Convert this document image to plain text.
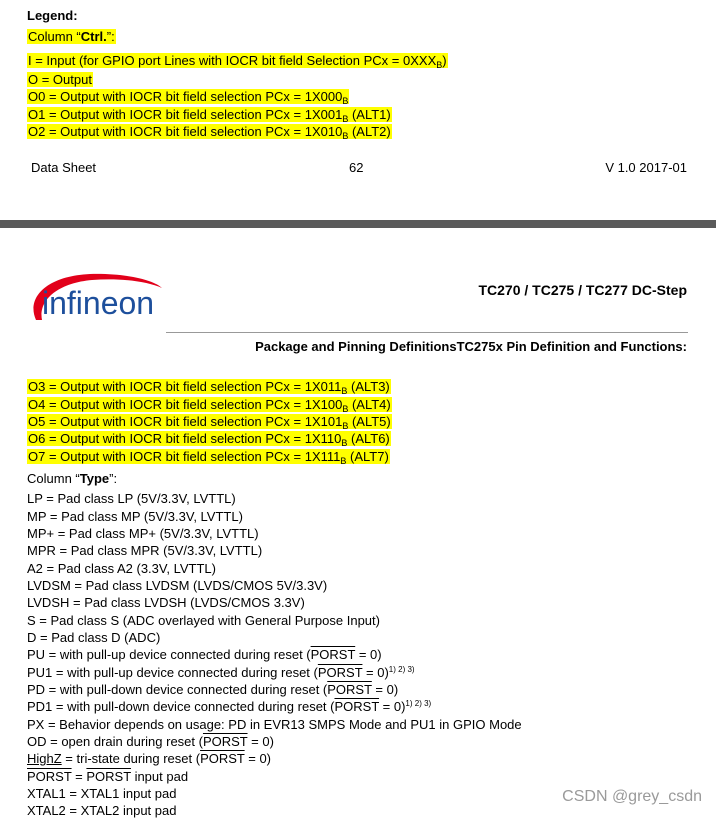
Legend:
Column “Ctrl.”:
I = Input (for GPIO port Lines with IOCR bit field Selection PCx = $0XXX_B$)
O = Output
O0 = Output with IOCR bit field selection PCx = $1X000_B$
O1 = Output with IOCR bit field selection PCx = $1X001_B$ (ALT1)
O2 = Output with IOCR bit field selection PCx = $1X010_B$ (ALT2)
Data Sheet	62	V 1.0 2017-01
infineon	TC270 / TC275 / TC277 DC-Step
Package and Pinning DefinitionsTC275x Pin Definition and Functions:
O3 = Output with IOCR bit field selection PCx = $1X011_B$ (ALT3)
O4 = Output with IOCR bit field selection PCx = $1X100_B$ (ALT4)
O5 = Output with IOCR bit field selection PCx = $1X101_B$ (ALT5)
O6 = Output with IOCR bit field selection PCx = $1X110_B$ (ALT6)
O7 = Output with IOCR bit field selection PCx = $1X111_B$ (ALT7)
Column “Type”:
LP = Pad class LP (5V/3.3V, LVTTL)
MP = Pad class MP (5V/3.3V, LVTTL)
MP+ = Pad class MP+ (5V/3.3V, LVTTL)
MPR = Pad class MPR (5V/3.3V, LVTTL)
A2 = Pad class A2 (3.3V, LVTTL)
LVDSM = Pad class LVDSM (LVDS/CMOS 5V/3.3V)
LVDSH = Pad class LVDSH (LVDS/CMOS 3.3V)
S = Pad class S (ADC overlayed with General Purpose Input)
D = Pad class D (ADC)
PU = with pull-up device connected during reset (PORST = 0)
PU1 = with pull-up device connected during reset (PORST = 0)$^{1) 2) 3)}$
PD = with pull-down device connected during reset (PORST = 0)
PD1 = with pull-down device connected during reset (PORST = 0)$^{1) 2) 3)}$
PX = Behavior depends on usage: PD in EVR13 SMPS Mode and PU1 in GPIO Mode
OD = open drain during reset (PORST = 0)
HighZ = tri-state during reset (PORST = 0)
PORST = PORST input pad
XTAL1 = XTAL1 input pad
XTAL2 = XTAL2 input pad
CSDN @grey_csdn
